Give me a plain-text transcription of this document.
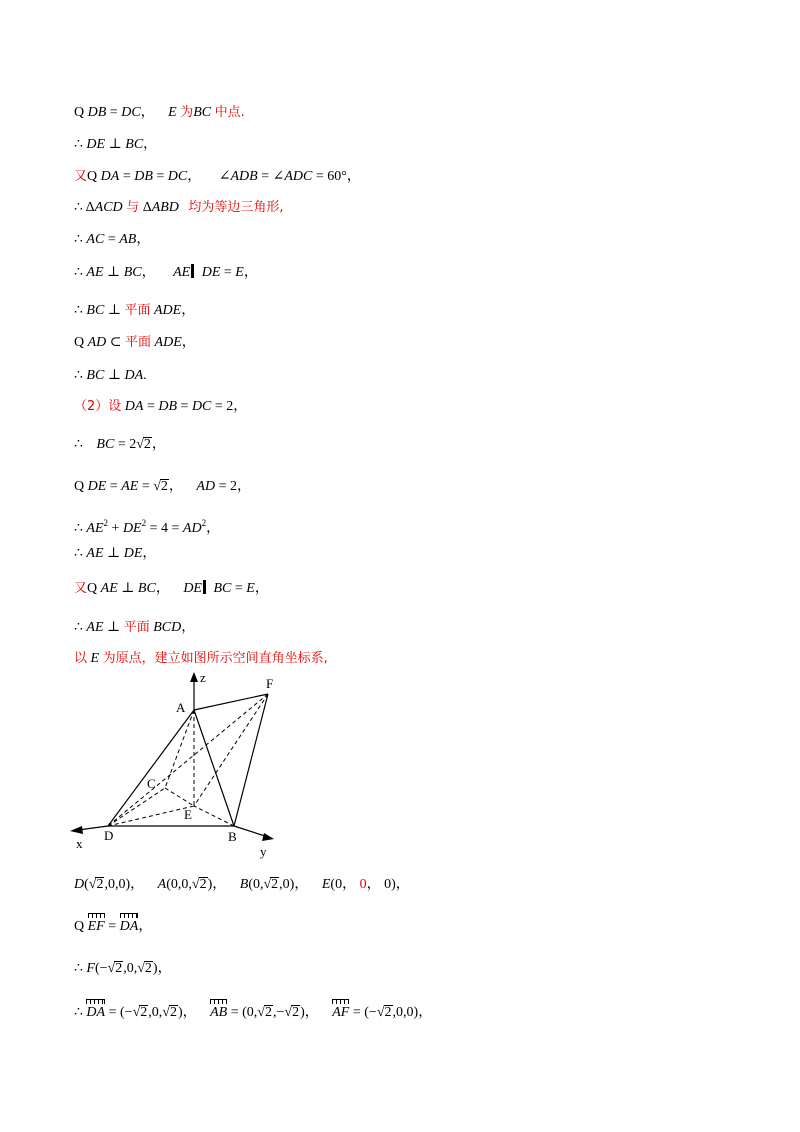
Q DB = DC， E 为BC 中点.
∴ DE ⊥ BC，
又Q DA = DB = DC， ∠ADB = ∠ADC = 60°，
∴ ΔACD 与 ΔABD 均为等边三角形,
∴ AC = AB，
∴ AE ⊥ BC， AE DE = E，
∴ BC ⊥ 平面 ADE，
Q AD ⊂ 平面 ADE，
∴ BC ⊥ DA.
（2）设 DA = DB = DC = 2，
∴ BC = 2√2，
Q DE = AE = √2， AD = 2，
∴ $AE^2 + DE^2 = 4 = AD^2$，
∴ AE ⊥ DE，
又Q AE ⊥ BC， DE BC = E，
∴ AE ⊥ 平面 BCD，
以 E 为原点，建立如图所示空间直角坐标系,
z	F
A
C
E
D	B
x
y
D(√2,0,0)， A(0,0,√2)， B(0,√2,0)， E(0， 0， 0)，
Q EF = DA，
∴ F(−√2,0,√2)，
∴ DA = (−√2,0,√2)， AB = (0,√2,−√2)， AF = (−√2,0,0)，
